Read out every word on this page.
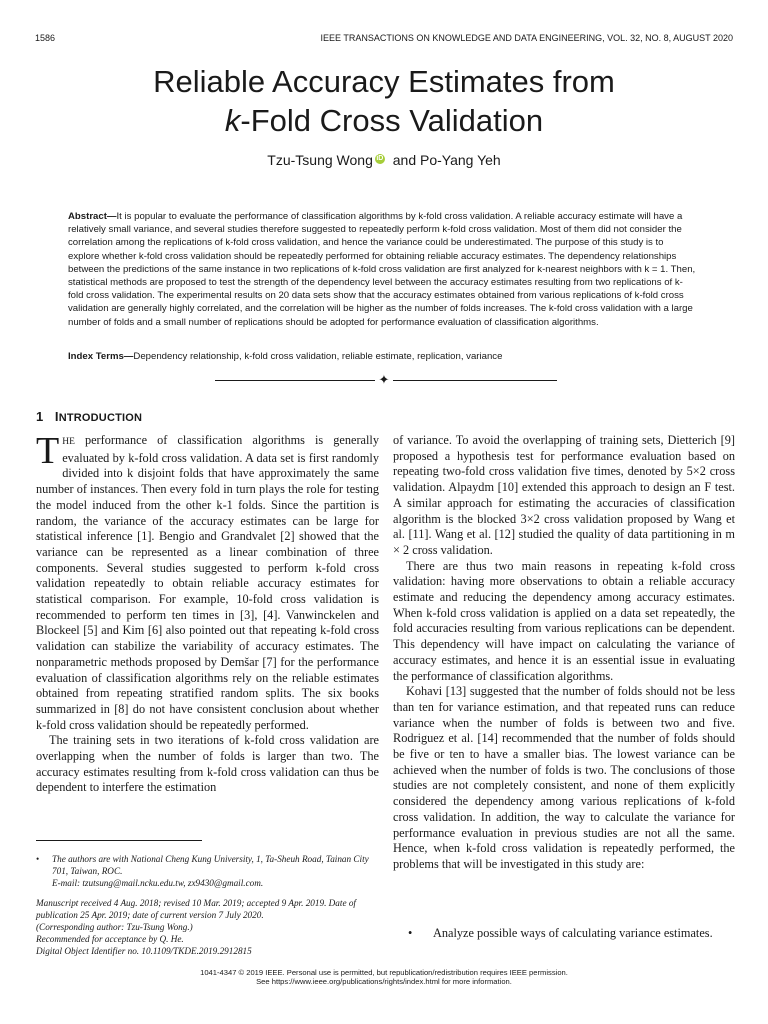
1586	IEEE TRANSACTIONS ON KNOWLEDGE AND DATA ENGINEERING, VOL. 32, NO. 8, AUGUST 2020
Reliable Accuracy Estimates from
k-Fold Cross Validation
Tzu-Tsung Wong iD and Po-Yang Yeh
Abstract—It is popular to evaluate the performance of classification algorithms by k-fold cross validation. A reliable accuracy estimate will have a relatively small variance, and several studies therefore suggested to repeatedly perform k-fold cross validation. Most of them did not consider the correlation among the replications of k-fold cross validation, and hence the variance could be underestimated. The purpose of this study is to explore whether k-fold cross validation should be repeatedly performed for obtaining reliable accuracy estimates. The dependency relationships between the predictions of the same instance in two replications of k-fold cross validation are first analyzed for k-nearest neighbors with k = 1. Then, statistical methods are proposed to test the strength of the dependency level between the accuracy estimates resulting from two replications of k-fold cross validation. The experimental results on 20 data sets show that the accuracy estimates obtained from various replications of k-fold cross validation are generally highly correlated, and the correlation will be higher as the number of folds increases. The k-fold cross validation with a large number of folds and a small number of replications should be adopted for performance evaluation of classification algorithms.
Index Terms—Dependency relationship, k-fold cross validation, reliable estimate, replication, variance
✦
1 INTRODUCTION

THE performance of classification algorithms is generally evaluated by k-fold cross validation. A data set is first randomly divided into k disjoint folds that have approximately the same number of instances. Then every fold in turn plays the role for testing the model induced from the other k-1 folds. Since the partition is random, the variance of the accuracy estimates can be large for statistical inference [1]. Bengio and Grandvalet [2] showed that the variance can be represented as a linear combination of three components. Several studies suggested to perform k-fold cross validation repeatedly to obtain reliable accuracy estimates for statistical comparison. For example, 10-fold cross validation is recommended to perform ten times in [3], [4]. Vanwinckelen and Blockeel [5] and Kim [6] also pointed out that repeating k-fold cross validation can stabilize the variability of accuracy estimates. The nonparametric methods proposed by Demšar [7] for the performance evaluation of classification algorithms rely on the reliable estimates obtained from repeating stratified random splits. The six books summarized in [8] do not have consistent conclusion about whether k-fold cross validation should be repeatedly performed.

The training sets in two iterations of k-fold cross validation are overlapping when the number of folds is larger than two. The accuracy estimates resulting from k-fold cross validation can thus be dependent to interfere the estimation

• The authors are with National Cheng Kung University, 1, Ta-Sheuh Road, Tainan City 701, Taiwan, ROC.
E-mail: tzutsung@mail.ncku.edu.tw, zx9430@gmail.com.
Manuscript received 4 Aug. 2018; revised 10 Mar. 2019; accepted 9 Apr. 2019. Date of publication 25 Apr. 2019; date of current version 7 July 2020.
(Corresponding author: Tzu-Tsung Wong.)
Recommended for acceptance by Q. He.
Digital Object Identifier no. 10.1109/TKDE.2019.2912815

of variance. To avoid the overlapping of training sets, Dietterich [9] proposed a hypothesis test for performance evaluation based on repeating two-fold cross validation five times, denoted by 5×2 cross validation. Alpaydm [10] extended this approach to design an F test. A similar approach for estimating the accuracies of classification algorithm is the blocked 3×2 cross validation proposed by Wang et al. [11]. Wang et al. [12] studied the quality of data partitioning in m × 2 cross validation.

There are thus two main reasons in repeating k-fold cross validation: having more observations to obtain a reliable accuracy estimate and reducing the dependency among accuracy estimates. When k-fold cross validation is applied on a data set repeatedly, the fold accuracies resulting from various replications can be dependent. This dependency will have impact on calculating the variance of accuracy estimates, and hence it is an essential issue in evaluating the performance of classification algorithms.

Kohavi [13] suggested that the number of folds should not be less than ten for variance estimation, and that repeated runs can reduce variance when the number of folds is between two and five. Rodriguez et al. [14] recommended that the number of folds should be five or ten to have a smaller bias. The lowest variance can be achieved when the number of folds is two. The conclusions of those studies are not completely consistent, and none of them explicitly considered the dependency among various replications of k-fold cross validation. In addition, the way to calculate the variance for performance evaluation in previous studies are not all the same. Hence, when k-fold cross validation is repeatedly performed, the problems that will be investigated in this study are:

• Analyze possible ways of calculating variance estimates.
1041-4347 © 2019 IEEE. Personal use is permitted, but republication/redistribution requires IEEE permission.
See https://www.ieee.org/publications/rights/index.html for more information.
